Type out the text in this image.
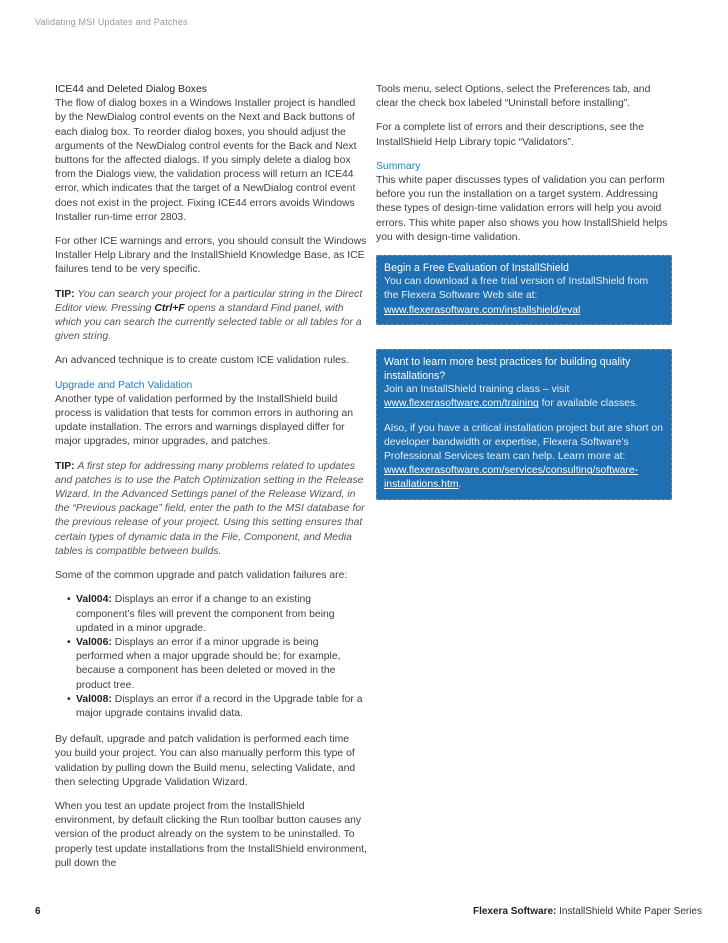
Validating MSI Updates and Patches

ICE44 and Deleted Dialog Boxes

The flow of dialog boxes in a Windows Installer project is handled by the NewDialog control events on the Next and Back buttons of each dialog box. To reorder dialog boxes, you should adjust the arguments of the NewDialog control events for the Back and Next buttons for the affected dialogs. If you simply delete a dialog box from the Dialogs view, the validation process will return an ICE44 error, which indicates that the target of a NewDialog control event does not exist in the project. Fixing ICE44 errors avoids Windows Installer run-time error 2803.

For other ICE warnings and errors, you should consult the Windows Installer Help Library and the InstallShield Knowledge Base, as ICE failures tend to be very specific.

TIP: You can search your project for a particular string in the Direct Editor view. Pressing Ctrl+F opens a standard Find panel, with which you can search the currently selected table or all tables for a given string.

An advanced technique is to create custom ICE validation rules.

Upgrade and Patch Validation

Another type of validation performed by the InstallShield build process is validation that tests for common errors in authoring an update installation. The errors and warnings displayed differ for major upgrades, minor upgrades, and patches.

TIP: A first step for addressing many problems related to updates and patches is to use the Patch Optimization setting in the Release Wizard. In the Advanced Settings panel of the Release Wizard, in the “Previous package” field, enter the path to the MSI database for the previous release of your project. Using this setting ensures that certain types of dynamic data in the File, Component, and Media tables is compatible between builds.

Some of the common upgrade and patch validation failures are:

• Val004: Displays an error if a change to an existing component’s files will prevent the component from being updated in a minor upgrade.
• Val006: Displays an error if a minor upgrade is being performed when a major upgrade should be; for example, because a component has been deleted or moved in the product tree.
• Val008: Displays an error if a record in the Upgrade table for a major upgrade contains invalid data.

By default, upgrade and patch validation is performed each time you build your project. You can also manually perform this type of validation by pulling down the Build menu, selecting Validate, and then selecting Upgrade Validation Wizard.

When you test an update project from the InstallShield environment, by default clicking the Run toolbar button causes any version of the product already on the system to be uninstalled. To properly test update installations from the InstallShield environment, pull down the

Tools menu, select Options, select the Preferences tab, and clear the check box labeled “Uninstall before installing”.

For a complete list of errors and their descriptions, see the InstallShield Help Library topic “Validators”.

Summary

This white paper discusses types of validation you can perform before you run the installation on a target system. Addressing these types of design-time validation errors will help you avoid errors. This white paper also shows you how InstallShield helps you with design-time validation.

Begin a Free Evaluation of InstallShield
You can download a free trial version of InstallShield from the Flexera Software Web site at: www.flexerasoftware.com/installshield/eval
Want to learn more best practices for building quality installations?
Join an InstallShield training class – visit www.flexerasoftware.com/training for available classes.
Also, if you have a critical installation project but are short on developer bandwidth or expertise, Flexera Software’s Professional Services team can help. Learn more at: www.flexerasoftware.com/services/consulting/software-installations.htm.
6	Flexera Software: InstallShield White Paper Series
